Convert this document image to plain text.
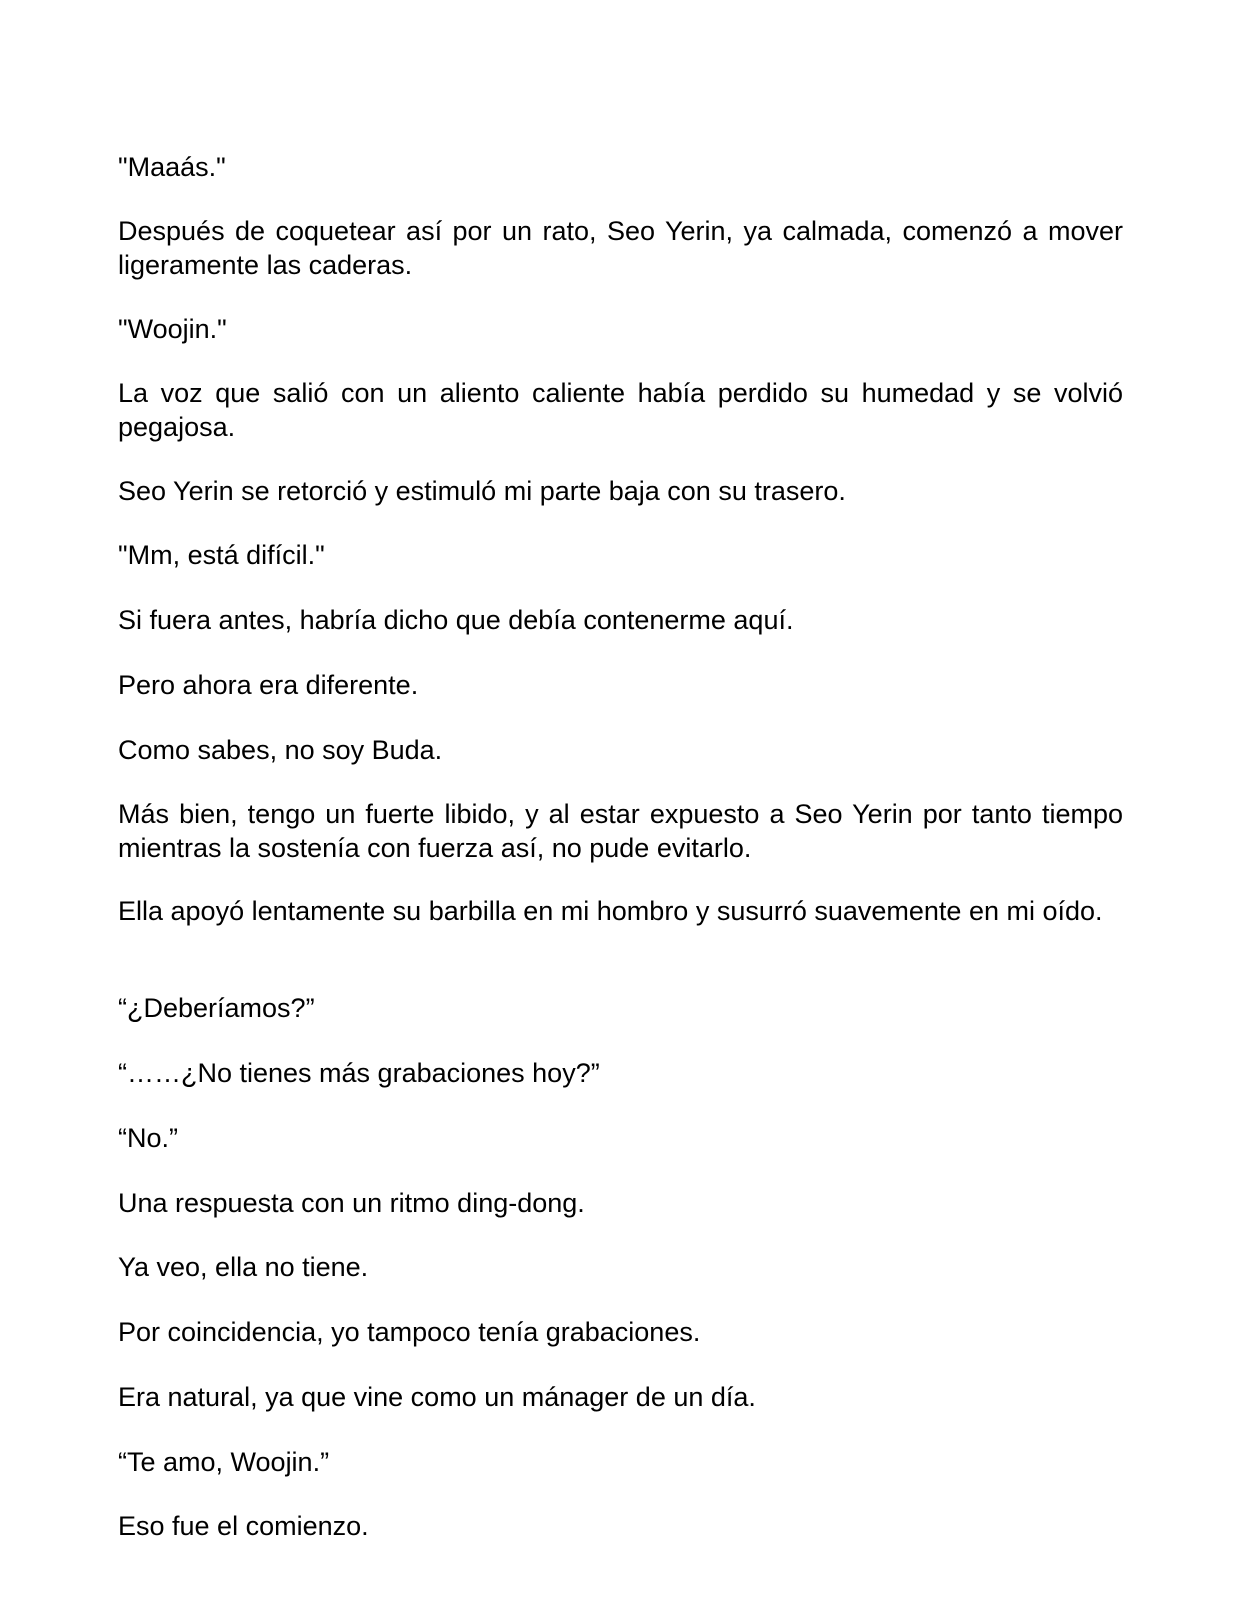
"Maaás."

Después de coquetear así por un rato, Seo Yerin, ya calmada, comenzó a mover ligeramente las caderas.

"Woojin."

La voz que salió con un aliento caliente había perdido su humedad y se volvió pegajosa.

Seo Yerin se retorció y estimuló mi parte baja con su trasero.

"Mm, está difícil."

Si fuera antes, habría dicho que debía contenerme aquí.

Pero ahora era diferente.

Como sabes, no soy Buda.

Más bien, tengo un fuerte libido, y al estar expuesto a Seo Yerin por tanto tiempo mientras la sostenía con fuerza así, no pude evitarlo.

Ella apoyó lentamente su barbilla en mi hombro y susurró suavemente en mi oído.

“¿Deberíamos?”

“……¿No tienes más grabaciones hoy?”

“No.”

Una respuesta con un ritmo ding-dong.

Ya veo, ella no tiene.

Por coincidencia, yo tampoco tenía grabaciones.

Era natural, ya que vine como un mánager de un día.

“Te amo, Woojin.”

Eso fue el comienzo.
